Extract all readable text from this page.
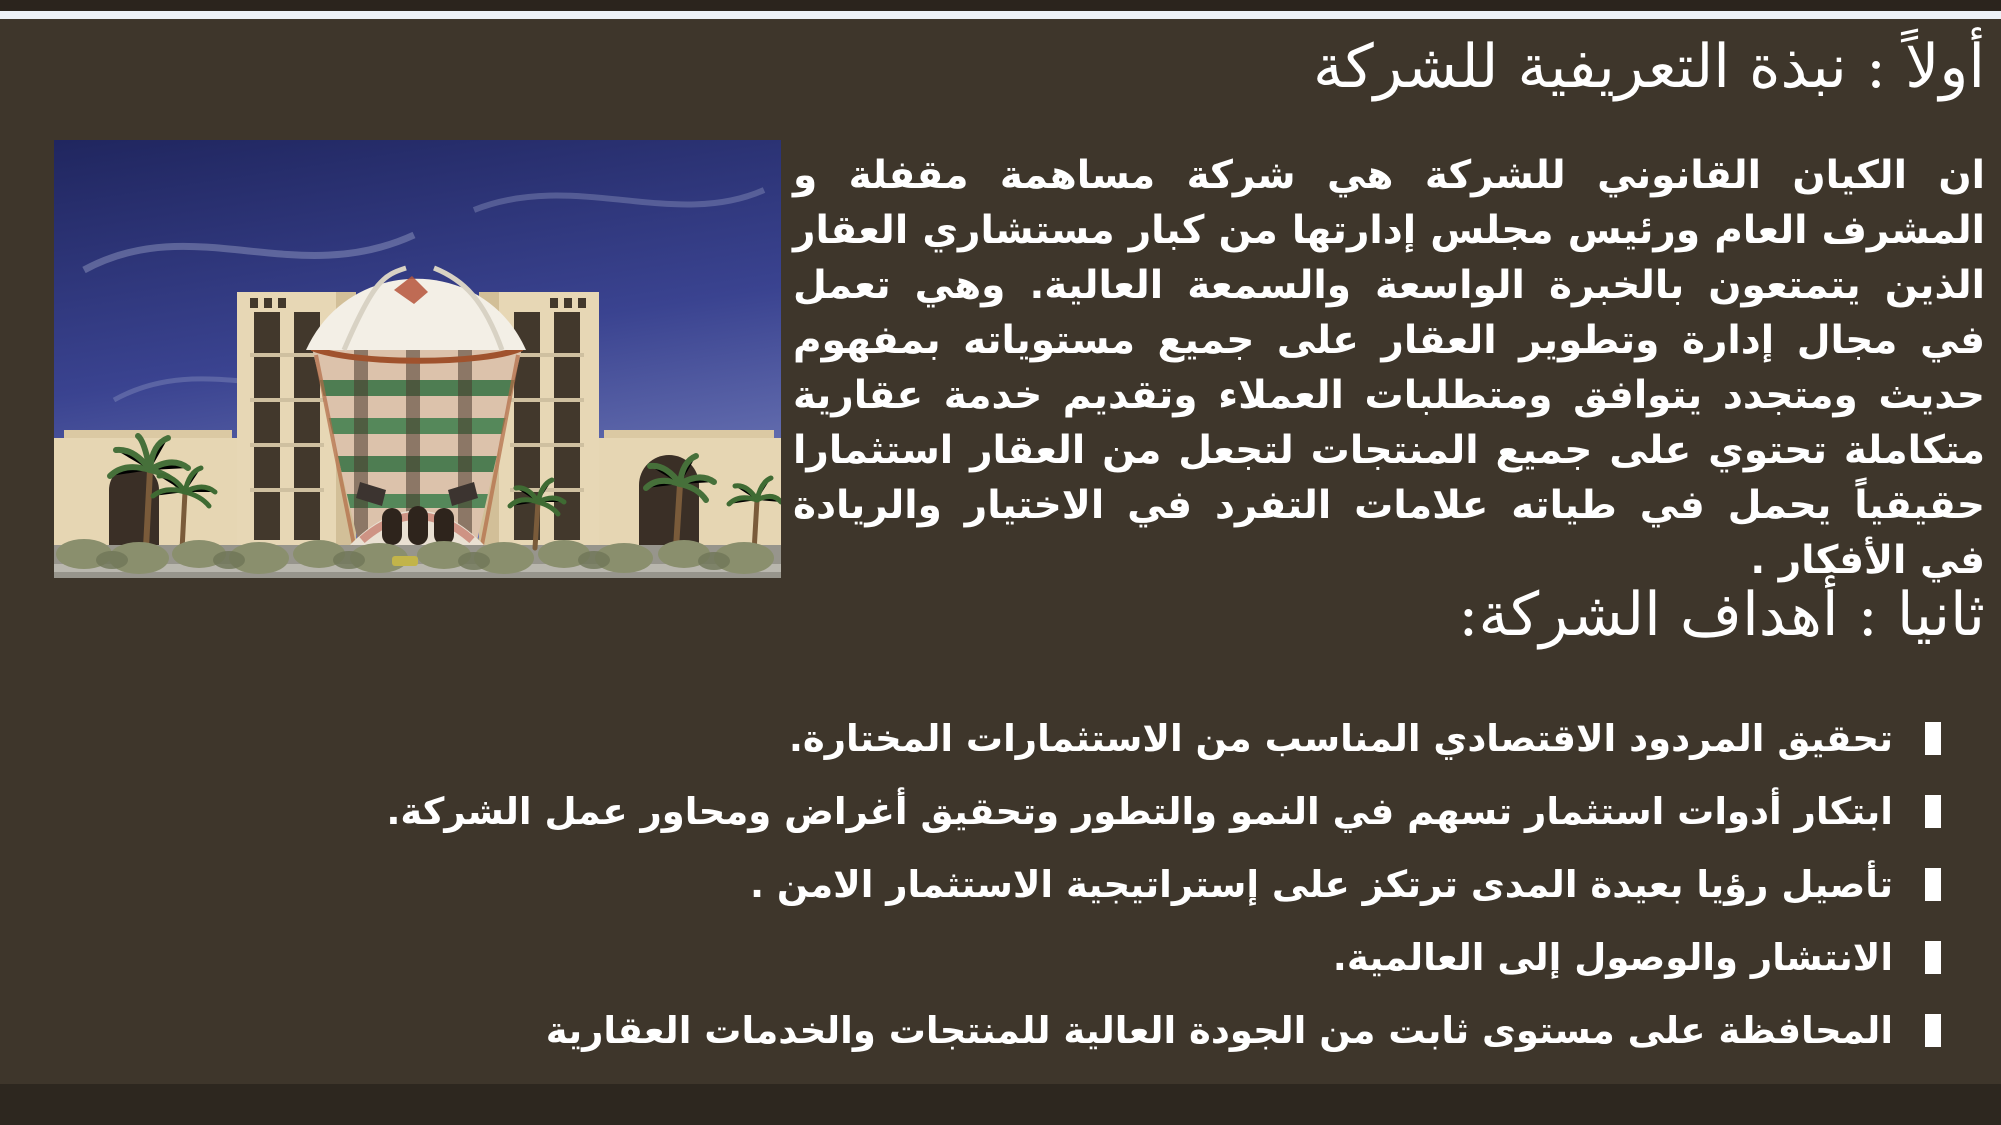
أولاً : نبذة التعريفية للشركة

ان الكيان القانوني للشركة هي شركة مساهمة مقفلة و المشرف العام ورئيس مجلس إدارتها من كبار مستشاري العقار الذين يتمتعون بالخبرة الواسعة والسمعة العالية. وهي تعمل في مجال إدارة وتطوير العقار على جميع مستوياته بمفهوم حديث ومتجدد يتوافق ومتطلبات العملاء وتقديم خدمة عقارية متكاملة تحتوي على جميع المنتجات لتجعل من العقار استثمارا حقيقياً يحمل في طياته علامات التفرد في الاختيار والريادة في الأفكار .

ثانيا : أهداف الشركة:
تحقيق المردود الاقتصادي المناسب من الاستثمارات المختارة.
ابتكار أدوات استثمار تسهم في النمو والتطور وتحقيق أغراض ومحاور عمل الشركة.
تأصيل رؤيا بعيدة المدى ترتكز على إستراتيجية الاستثمار الامن .
الانتشار والوصول إلى العالمية.
المحافظة على مستوى ثابت من الجودة العالية للمنتجات والخدمات العقارية
